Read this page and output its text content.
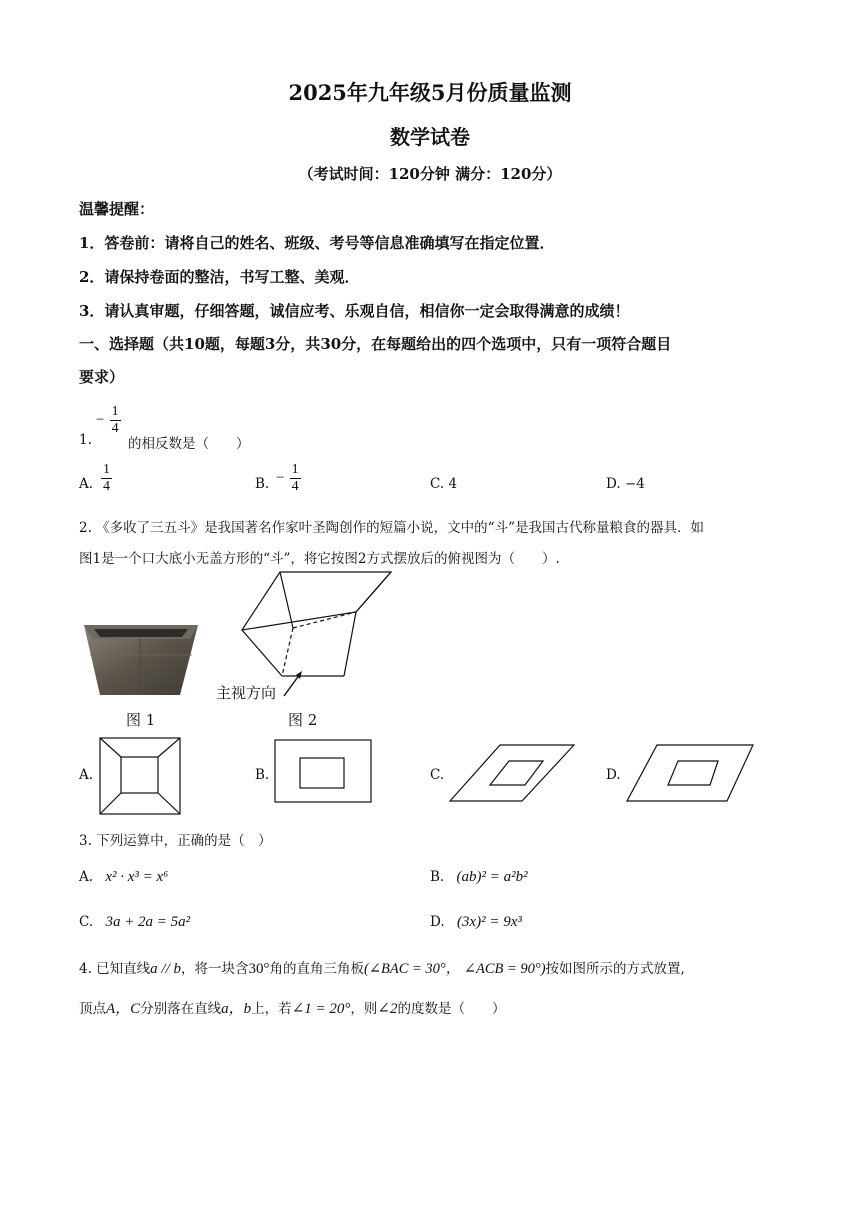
2025年九年级5月份质量监测
数学试卷
（考试时间：120分钟 满分：120分）
温馨提醒：
1．答卷前：请将自己的姓名、班级、考号等信息准确填写在指定位置．
2．请保持卷面的整洁，书写工整、美观．
3．请认真审题，仔细答题，诚信应考、乐观自信，相信你一定会取得满意的成绩！
一、选择题（共10题，每题3分，共30分，在每题给出的四个选项中，只有一项符合题目
要求）
1.
− $\frac{1}{4}$
的相反数是（　　）
A. $\frac{1}{4}$	B. − $\frac{1}{4}$	C. 4	D. −4
2. 《多收了三五斗》是我国著名作家叶圣陶创作的短篇小说，文中的“斗”是我国古代称量粮食的器具．如
图1是一个口大底小无盖方形的“斗”，将它按图2方式摆放后的俯视图为（　　）.
主视方向
图 1	图 2
A.	B.	C.	D.
3. 下列运算中，正确的是（　）
A. x² · x³ = x⁶	B. (ab)² = a²b²
C. 3a + 2a = 5a²	D. (3x)² = 9x³
4. 已知直线a // b，将一块含30°角的直角三角板(∠BAC = 30°， ∠ACB = 90°)按如图所示的方式放置,
顶点A，C分别落在直线a，b上，若∠1 = 20°，则∠2的度数是（　　）
